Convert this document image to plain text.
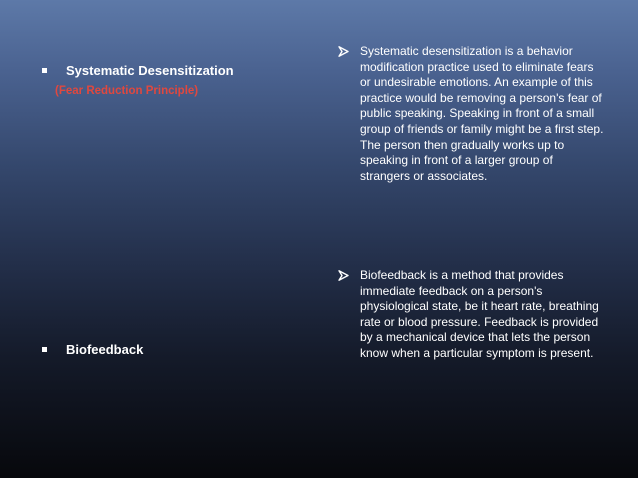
Systematic Desensitization
(Fear Reduction Principle)
Biofeedback
Systematic desensitization is a behavior modification practice used to eliminate fears or undesirable emotions. An example of this practice would be removing a person's fear of public speaking. Speaking in front of a small group of friends or family might be a first step. The person then gradually works up to speaking in front of a larger group of strangers or associates.
Biofeedback is a method that provides immediate feedback on a person's physiological state, be it heart rate, breathing rate or blood pressure. Feedback is provided by a mechanical device that lets the person know when a particular symptom is present.
